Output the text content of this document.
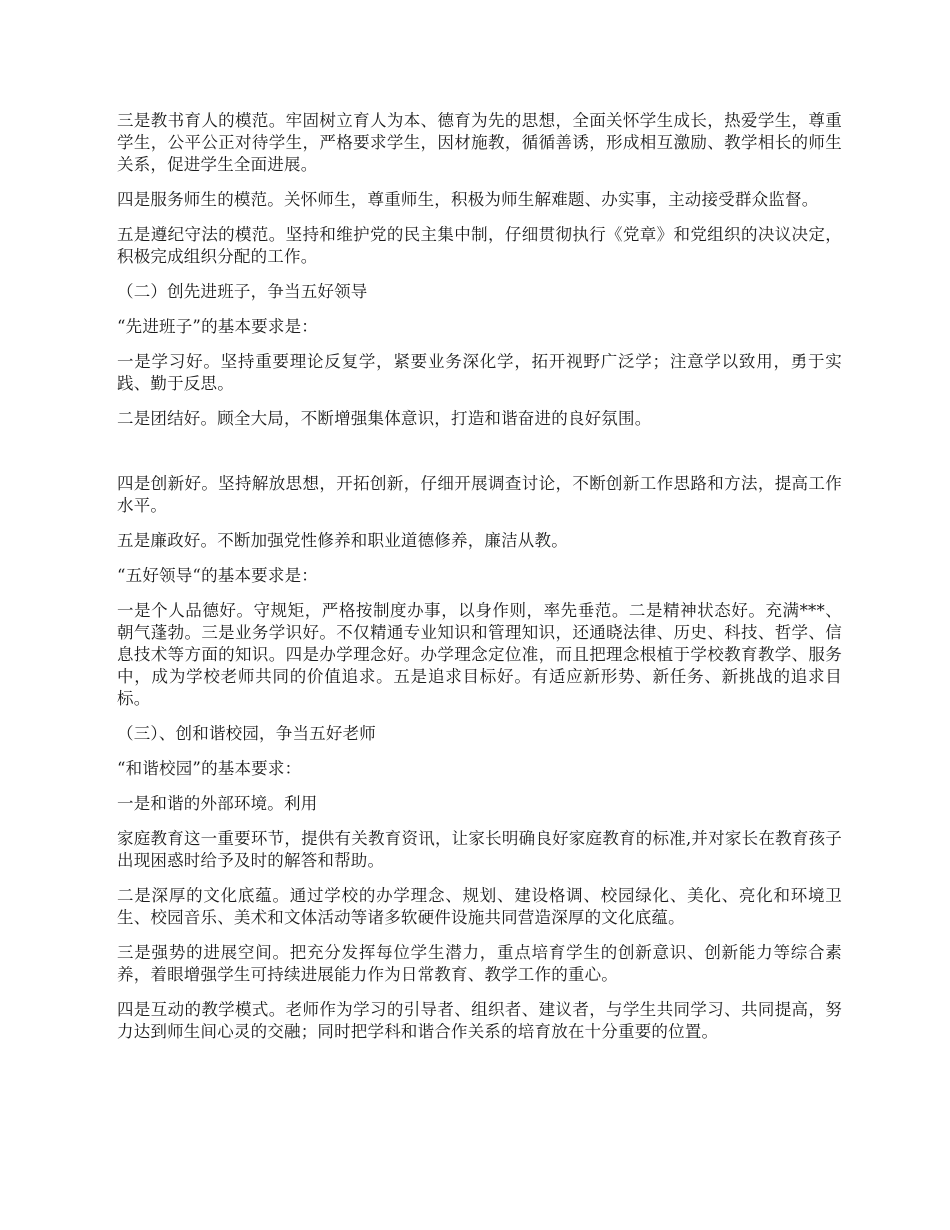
三是教书育人的模范。牢固树立育人为本、德育为先的思想，全面关怀学生成长，热爱学生，尊重学生，公平公正对待学生，严格要求学生，因材施教，循循善诱，形成相互激励、教学相长的师生关系，促进学生全面进展。

四是服务师生的模范。关怀师生，尊重师生，积极为师生解难题、办实事，主动接受群众监督。

五是遵纪守法的模范。坚持和维护党的民主集中制，仔细贯彻执行《党章》和党组织的决议决定，积极完成组织分配的工作。

（二）创先进班子，争当五好领导

“先进班子”的基本要求是：

一是学习好。坚持重要理论反复学，紧要业务深化学，拓开视野广泛学；注意学以致用，勇于实践、勤于反思。

二是团结好。顾全大局，不断增强集体意识，打造和谐奋进的良好氛围。

四是创新好。坚持解放思想，开拓创新，仔细开展调查讨论，不断创新工作思路和方法，提高工作水平。

五是廉政好。不断加强党性修养和职业道德修养，廉洁从教。

“五好领导“的基本要求是：

一是个人品德好。守规矩，严格按制度办事，以身作则，率先垂范。二是精神状态好。充满***、朝气蓬勃。三是业务学识好。不仅精通专业知识和管理知识，还通晓法律、历史、科技、哲学、信息技术等方面的知识。四是办学理念好。办学理念定位准，而且把理念根植于学校教育教学、服务中，成为学校老师共同的价值追求。五是追求目标好。有适应新形势、新任务、新挑战的追求目标。

（三）、创和谐校园，争当五好老师

“和谐校园”的基本要求：

一是和谐的外部环境。利用

家庭教育这一重要环节，提供有关教育资讯，让家长明确良好家庭教育的标准,并对家长在教育孩子出现困惑时给予及时的解答和帮助。

二是深厚的文化底蕴。通过学校的办学理念、规划、建设格调、校园绿化、美化、亮化和环境卫生、校园音乐、美术和文体活动等诸多软硬件设施共同营造深厚的文化底蕴。

三是强势的进展空间。把充分发挥每位学生潜力，重点培育学生的创新意识、创新能力等综合素养，着眼增强学生可持续进展能力作为日常教育、教学工作的重心。

四是互动的教学模式。老师作为学习的引导者、组织者、建议者，与学生共同学习、共同提高，努力达到师生间心灵的交融；同时把学科和谐合作关系的培育放在十分重要的位置。
